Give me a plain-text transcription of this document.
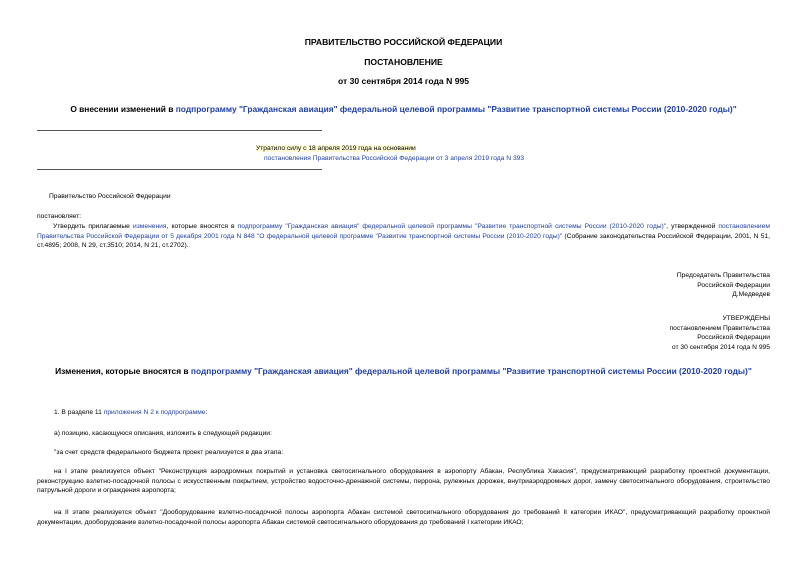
ПРАВИТЕЛЬСТВО РОССИЙСКОЙ ФЕДЕРАЦИИ
ПОСТАНОВЛЕНИЕ
от 30 сентября 2014 года N 995
О внесении изменений в подпрограмму "Гражданская авиация" федеральной целевой программы "Развитие транспортной системы России (2010-2020 годы)"
Утратило силу с 18 апреля 2019 года на основании
постановления Правительства Российской Федерации от 3 апреля 2019 года N 393
Правительство Российской Федерации
постановляет:
Утвердить прилагаемые изменения, которые вносятся в подпрограмму "Гражданская авиация" федеральной целевой программы "Развитие транспортной системы России (2010-2020 годы)", утвержденной постановлением Правительства Российской Федерации от 5 декабря 2001 года N 848 "О федеральной целевой программе "Развитие транспортной системы России (2010-2020 годы)" (Собрание законодательства Российской Федерации, 2001, N 51, ст.4895; 2008, N 29, ст.3510; 2014, N 21, ст.2702).
Председатель Правительства
Российской Федерации
Д.Медведев
УТВЕРЖДЕНЫ
постановлением Правительства
Российской Федерации
от 30 сентября 2014 года N 995
Изменения, которые вносятся в подпрограмму "Гражданская авиация" федеральной целевой программы "Развитие транспортной системы России (2010-2020 годы)"
1. В разделе 11 приложения N 2 к подпрограмме:
а) позицию, касающуюся описания, изложить в следующей редакции:
"за счет средств федерального бюджета проект реализуется в два этапа:
на I этапе реализуется объект "Реконструкция аэродромных покрытий и установка светосигнального оборудования в аэропорту Абакан, Республика Хакасия", предусматривающий разработку проектной документации, реконструкцию взлетно-посадочной полосы с искусственным покрытием, устройство водосточно-дренажной системы, перрона, рулежных дорожек, внутриаэродромных дорог, замену светосигнального оборудования, строительство патрульной дороги и ограждения аэропорта;
на II этапе реализуется объект "Дооборудование взлетно-посадочной полосы аэропорта Абакан системой светосигнального оборудования до требований II категории ИКАО", предусматривающий разработку проектной документации, дооборудование взлетно-посадочной полосы аэропорта Абакан системой светосигнального оборудования до требований I категории ИКАО;
